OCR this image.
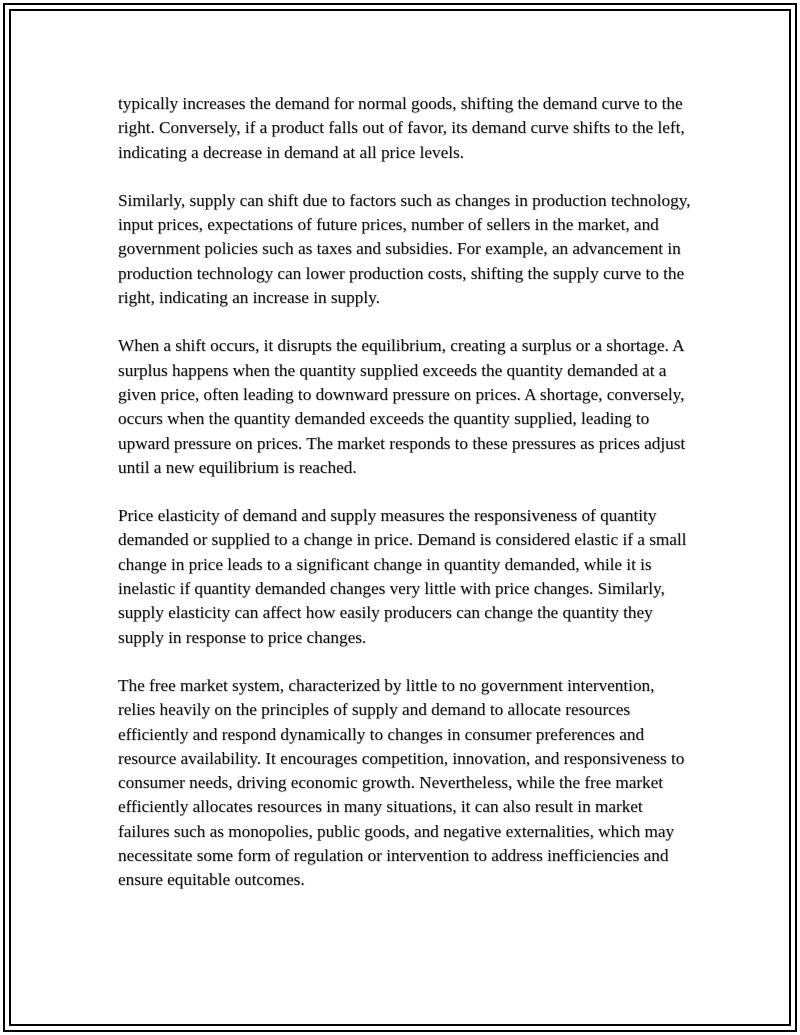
typically increases the demand for normal goods, shifting the demand curve to the right. Conversely, if a product falls out of favor, its demand curve shifts to the left, indicating a decrease in demand at all price levels.

Similarly, supply can shift due to factors such as changes in production technology, input prices, expectations of future prices, number of sellers in the market, and government policies such as taxes and subsidies. For example, an advancement in production technology can lower production costs, shifting the supply curve to the right, indicating an increase in supply.

When a shift occurs, it disrupts the equilibrium, creating a surplus or a shortage. A surplus happens when the quantity supplied exceeds the quantity demanded at a given price, often leading to downward pressure on prices. A shortage, conversely, occurs when the quantity demanded exceeds the quantity supplied, leading to upward pressure on prices. The market responds to these pressures as prices adjust until a new equilibrium is reached.

Price elasticity of demand and supply measures the responsiveness of quantity demanded or supplied to a change in price. Demand is considered elastic if a small change in price leads to a significant change in quantity demanded, while it is inelastic if quantity demanded changes very little with price changes. Similarly, supply elasticity can affect how easily producers can change the quantity they supply in response to price changes.

The free market system, characterized by little to no government intervention, relies heavily on the principles of supply and demand to allocate resources efficiently and respond dynamically to changes in consumer preferences and resource availability. It encourages competition, innovation, and responsiveness to consumer needs, driving economic growth. Nevertheless, while the free market efficiently allocates resources in many situations, it can also result in market failures such as monopolies, public goods, and negative externalities, which may necessitate some form of regulation or intervention to address inefficiencies and ensure equitable outcomes.
